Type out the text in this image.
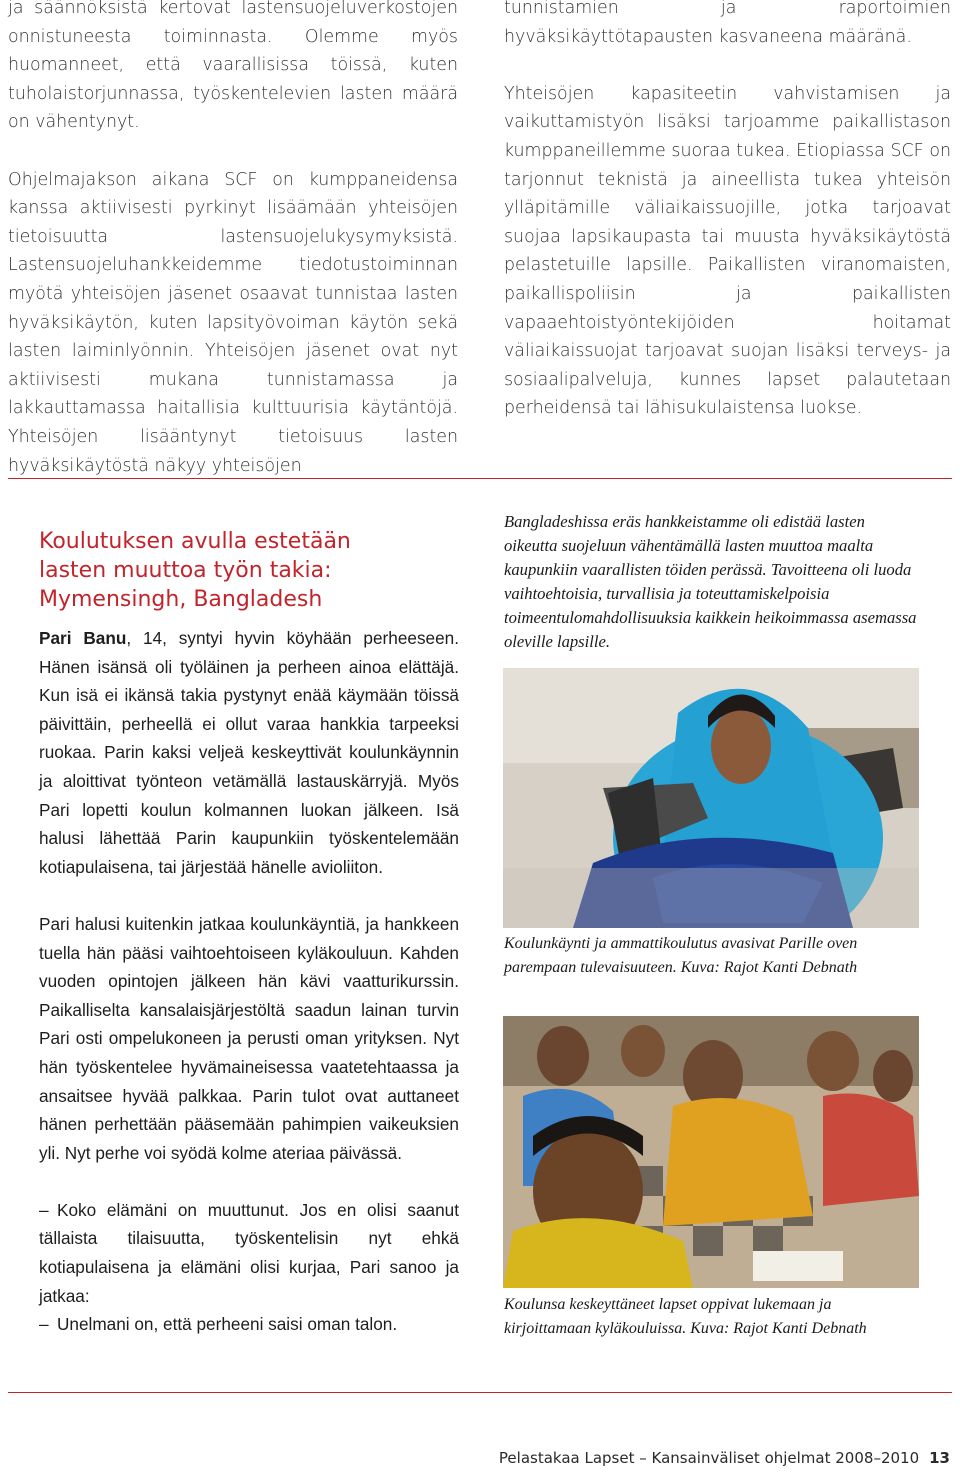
ja säännöksistä kertovat lastensuojeluverkostojen onnistuneesta toiminnasta. Olemme myös huomanneet, että vaarallisissa töissä, kuten tuholaistorjunnassa, työskentelevien lasten määrä on vähentynyt.

Ohjelmajakson aikana SCF on kumppaneidensa kanssa aktiivisesti pyrkinyt lisäämään yhteisöjen tietoisuutta lastensuojelukysymyksistä. Lastensuojeluhankkeidemme tiedotustoiminnan myötä yhteisöjen jäsenet osaavat tunnistaa lasten hyväksikäytön, kuten lapsityövoiman käytön sekä lasten laiminlyönnin. Yhteisöjen jäsenet ovat nyt aktiivisesti mukana tunnistamassa ja lakkauttamassa haitallisia kulttuurisia käytäntöjä. Yhteisöjen lisääntynyt tietoisuus lasten hyväksikäytöstä näkyy yhteisöjen

tunnistamien ja raportoimien hyväksikäyttötapausten kasvaneena määränä.

Yhteisöjen kapasiteetin vahvistamisen ja vaikuttamistyön lisäksi tarjoamme paikallistason kumppaneillemme suoraa tukea. Etiopiassa SCF on tarjonnut teknistä ja aineellista tukea yhteisön ylläpitämille väliaikaissuojille, jotka tarjoavat suojaa lapsikaupasta tai muusta hyväksikäytöstä pelastetuille lapsille. Paikallisten viranomaisten, paikallispoliisin ja paikallisten vapaaehtoistyöntekijöiden hoitamat väliaikaissuojat tarjoavat suojan lisäksi terveys- ja sosiaalipalveluja, kunnes lapset palautetaan perheidensä tai lähisukulaistensa luokse.

Koulutuksen avulla estetään
lasten muuttoa työn takia:
Mymensingh, Bangladesh

Pari Banu, 14, syntyi hyvin köyhään perheeseen. Hänen isänsä oli työläinen ja perheen ainoa elättäjä. Kun isä ei ikänsä takia pystynyt enää käymään töissä päivittäin, perheellä ei ollut varaa hankkia tarpeeksi ruokaa. Parin kaksi veljeä keskeyttivät koulunkäynnin ja aloittivat työnteon vetämällä lastauskärryjä. Myös Pari lopetti koulun kolmannen luokan jälkeen. Isä halusi lähettää Parin kaupunkiin työskentelemään kotiapulaisena, tai järjestää hänelle avioliiton.

Pari halusi kuitenkin jatkaa koulunkäyntiä, ja hankkeen tuella hän pääsi vaihtoehtoiseen kyläkouluun. Kahden vuoden opintojen jälkeen hän kävi vaatturikurssin. Paikalliselta kansalaisjärjestöltä saadun lainan turvin Pari osti ompelukoneen ja perusti oman yrityksen. Nyt hän työskentelee hyvämaineisessa vaatetehtaassa ja ansaitsee hyvää palkkaa. Parin tulot ovat auttaneet hänen perhettään pääsemään pahimpien vaikeuksien yli. Nyt perhe voi syödä kolme ateriaa päivässä.

– Koko elämäni on muuttunut. Jos en olisi saanut tällaista tilaisuutta, työskentelisin nyt ehkä kotiapulaisena ja elämäni olisi kurjaa, Pari sanoo ja jatkaa:

– Unelmani on, että perheeni saisi oman talon.

Bangladeshissa eräs hankkeistamme oli edistää lasten oikeutta suojeluun vähentämällä lasten muuttoa maalta kaupunkiin vaarallisten töiden perässä. Tavoitteena oli luoda vaihtoehtoisia, turvallisia ja toteuttamiskelpoisia toimeentulomahdollisuuksia kaikkein heikoimmassa asemassa oleville lapsille.
Koulunkäynti ja ammattikoulutus avasivat Parille oven parempaan tulevaisuuteen. Kuva: Rajot Kanti Debnath
Koulunsa keskeyttäneet lapset oppivat lukemaan ja kirjoittamaan kyläkouluissa. Kuva: Rajot Kanti Debnath
Pelastakaa Lapset – Kansainväliset ohjelmat 2008–2010 13
